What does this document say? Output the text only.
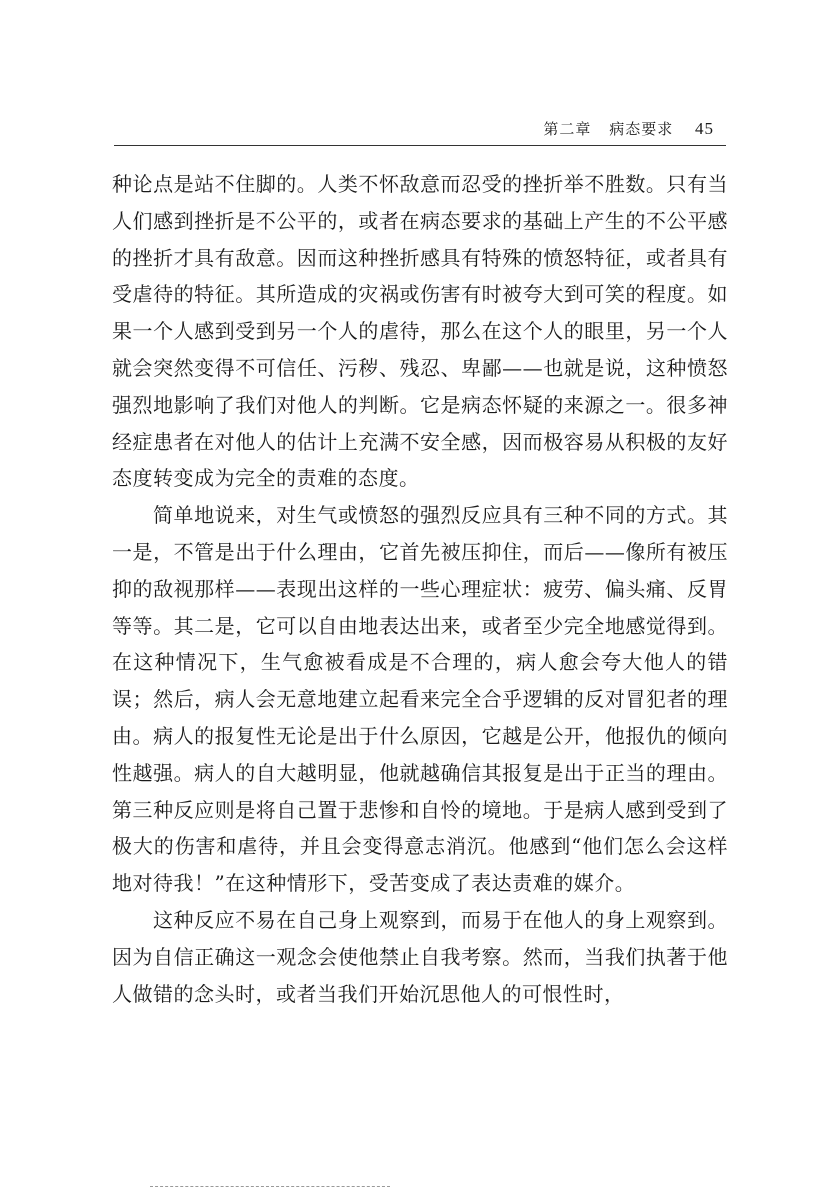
第二章 病态要求 45

种论点是站不住脚的。人类不怀敌意而忍受的挫折举不胜数。只有当人们感到挫折是不公平的，或者在病态要求的基础上产生的不公平感的挫折才具有敌意。因而这种挫折感具有特殊的愤怒特征，或者具有受虐待的特征。其所造成的灾祸或伤害有时被夸大到可笑的程度。如果一个人感到受到另一个人的虐待，那么在这个人的眼里，另一个人就会突然变得不可信任、污秽、残忍、卑鄙——也就是说，这种愤怒强烈地影响了我们对他人的判断。它是病态怀疑的来源之一。很多神经症患者在对他人的估计上充满不安全感，因而极容易从积极的友好态度转变成为完全的责难的态度。

简单地说来，对生气或愤怒的强烈反应具有三种不同的方式。其一是，不管是出于什么理由，它首先被压抑住，而后——像所有被压抑的敌视那样——表现出这样的一些心理症状：疲劳、偏头痛、反胃等等。其二是，它可以自由地表达出来，或者至少完全地感觉得到。在这种情况下，生气愈被看成是不合理的，病人愈会夸大他人的错误；然后，病人会无意地建立起看来完全合乎逻辑的反对冒犯者的理由。病人的报复性无论是出于什么原因，它越是公开，他报仇的倾向性越强。病人的自大越明显，他就越确信其报复是出于正当的理由。第三种反应则是将自己置于悲惨和自怜的境地。于是病人感到受到了极大的伤害和虐待，并且会变得意志消沉。他感到“他们怎么会这样地对待我！”在这种情形下，受苦变成了表达责难的媒介。

这种反应不易在自己身上观察到，而易于在他人的身上观察到。因为自信正确这一观念会使他禁止自我考察。然而，当我们执著于他人做错的念头时，或者当我们开始沉思他人的可恨性时，
